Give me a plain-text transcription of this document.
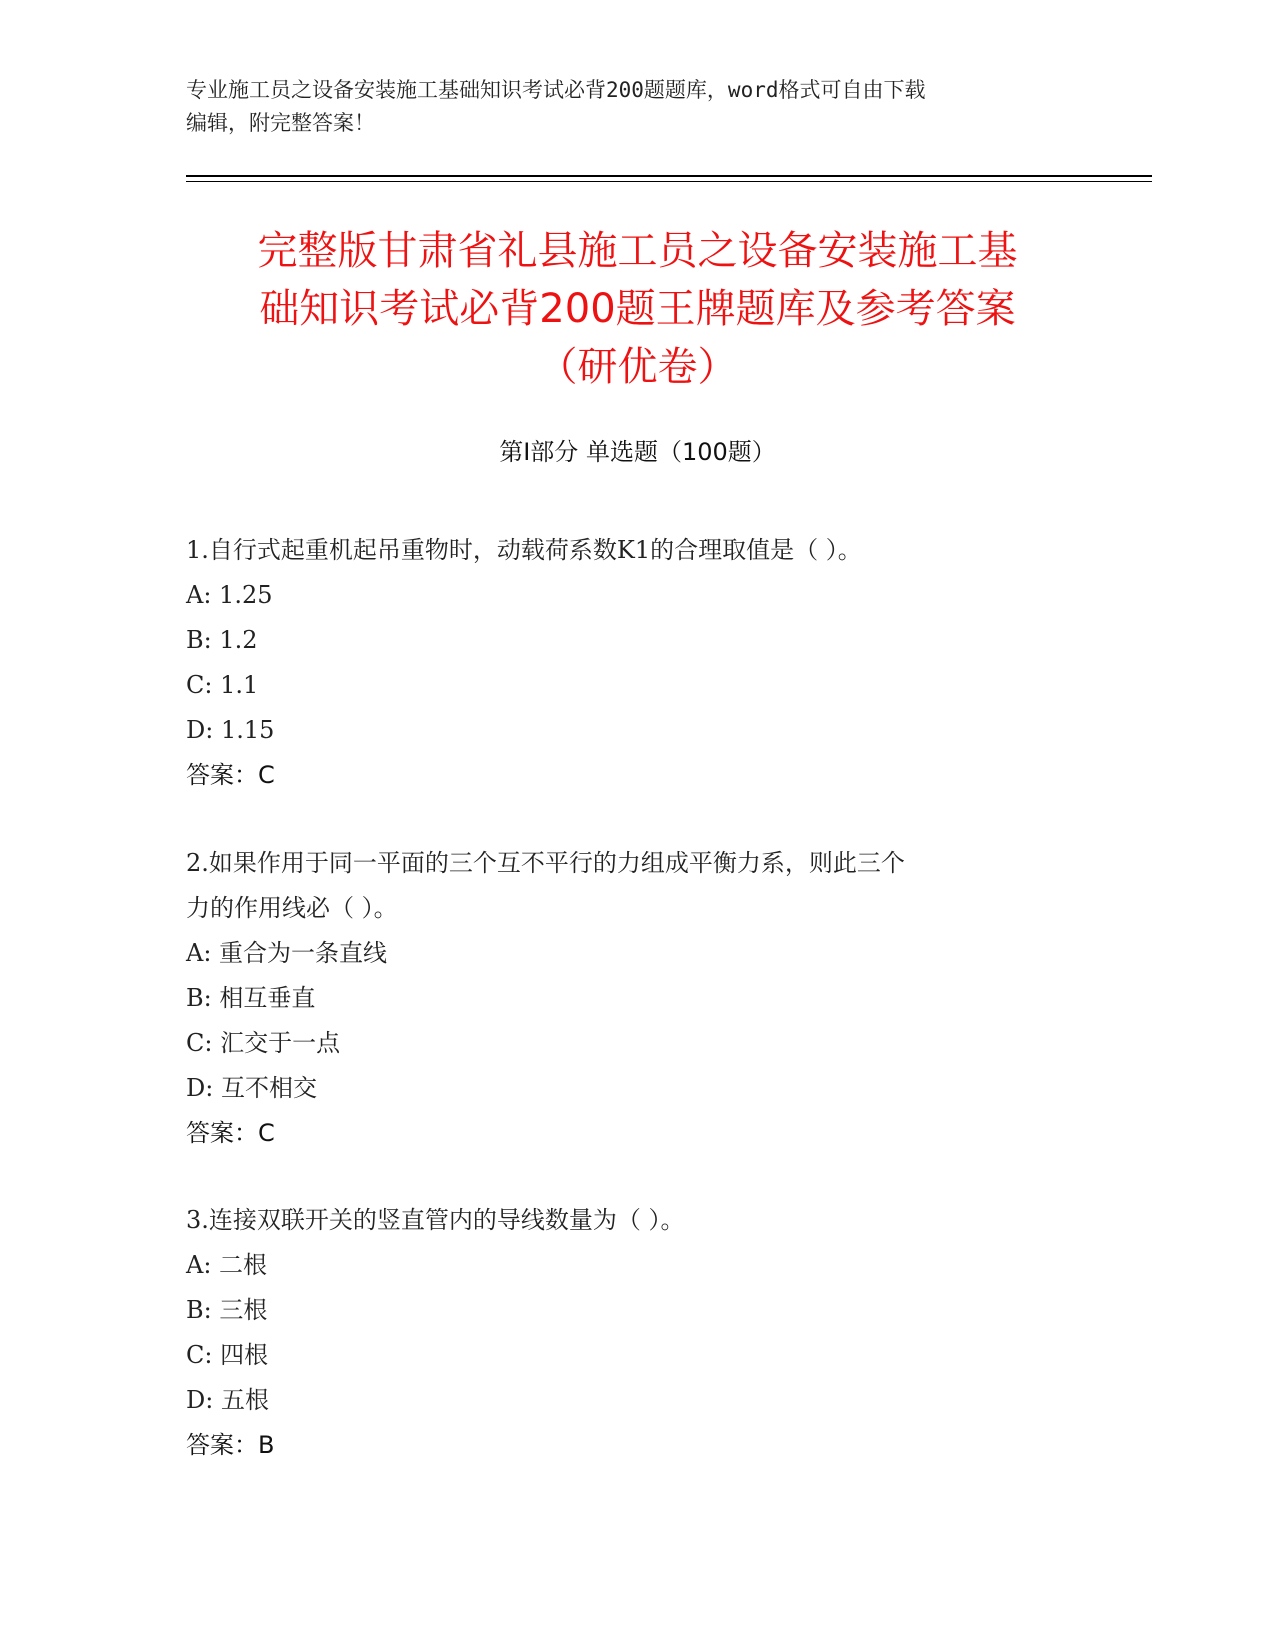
专业施工员之设备安装施工基础知识考试必背200题题库，word格式可自由下载
编辑，附完整答案！
完整版甘肃省礼县施工员之设备安装施工基
础知识考试必背200题王牌题库及参考答案
（研优卷）
第Ⅰ部分 单选题（100题）
1.自行式起重机起吊重物时，动载荷系数K1的合理取值是（ ）。
A: 1.25
B: 1.2
C: 1.1
D: 1.15
答案：C
2.如果作用于同一平面的三个互不平行的力组成平衡力系，则此三个
力的作用线必（ ）。
A: 重合为一条直线
B: 相互垂直
C: 汇交于一点
D: 互不相交
答案：C
3.连接双联开关的竖直管内的导线数量为（ ）。
A: 二根
B: 三根
C: 四根
D: 五根
答案：B
